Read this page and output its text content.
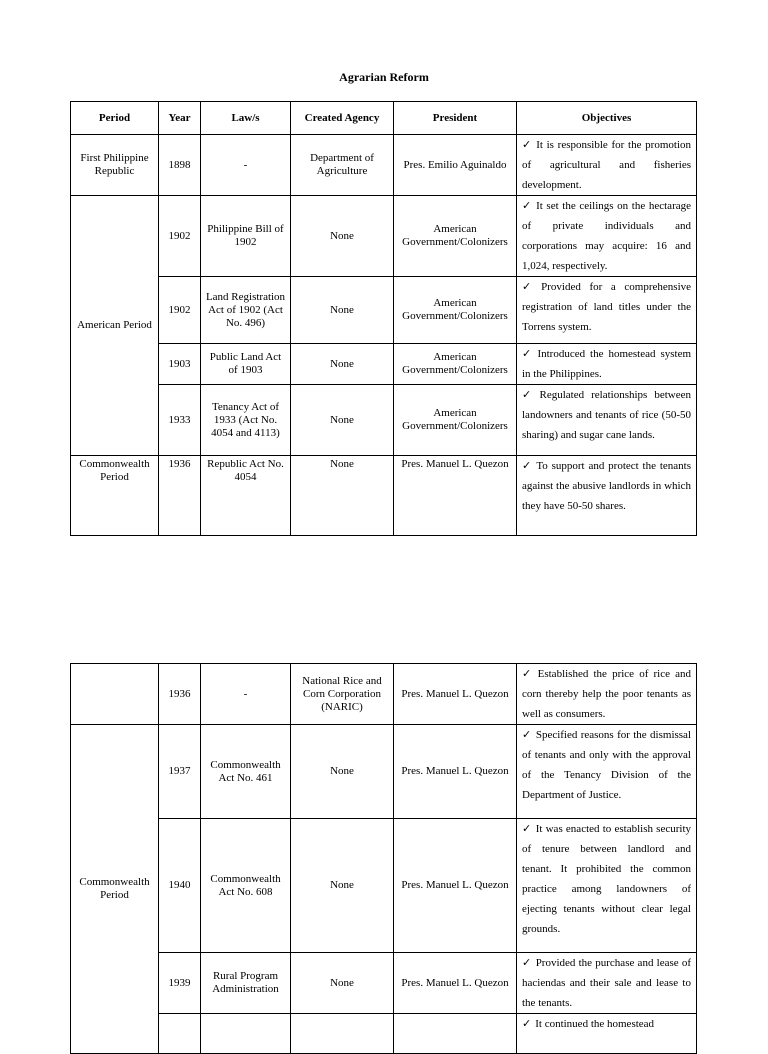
Agrarian Reform
Period	Year	Law/s	Created Agency	President	Objectives
First Philippine Republic	1898	-	Department of Agriculture	Pres. Emilio Aguinaldo	✓ It is responsible for the promotion of agricultural and fisheries development.
American Period	1902	Philippine Bill of 1902	None	American Government/Colonizers	✓ It set the ceilings on the hectarage of private individuals and corporations may acquire: 16 and 1,024, respectively.
	1902	Land Registration Act of 1902 (Act No. 496)	None	American Government/Colonizers	✓ Provided for a comprehensive registration of land titles under the Torrens system.
	1903	Public Land Act of 1903	None	American Government/Colonizers	✓ Introduced the homestead system in the Philippines.
	1933	Tenancy Act of 1933 (Act No. 4054 and 4113)	None	American Government/Colonizers	✓ Regulated relationships between landowners and tenants of rice (50-50 sharing) and sugar cane lands.
Commonwealth Period	1936	Republic Act No. 4054	None	Pres. Manuel L. Quezon	✓ To support and protect the tenants against the abusive landlords in which they have 50-50 shares.
	1936	-	National Rice and Corn Corporation (NARIC)	Pres. Manuel L. Quezon	✓ Established the price of rice and corn thereby help the poor tenants as well as consumers.
Commonwealth Period	1937	Commonwealth Act No. 461	None	Pres. Manuel L. Quezon	✓ Specified reasons for the dismissal of tenants and only with the approval of the Tenancy Division of the Department of Justice.
	1940	Commonwealth Act No. 608	None	Pres. Manuel L. Quezon	✓ It was enacted to establish security of tenure between landlord and tenant. It prohibited the common practice among landowners of ejecting tenants without clear legal grounds.
	1939	Rural Program Administration	None	Pres. Manuel L. Quezon	✓ Provided the purchase and lease of haciendas and their sale and lease to the tenants.
					✓ It continued the homestead
